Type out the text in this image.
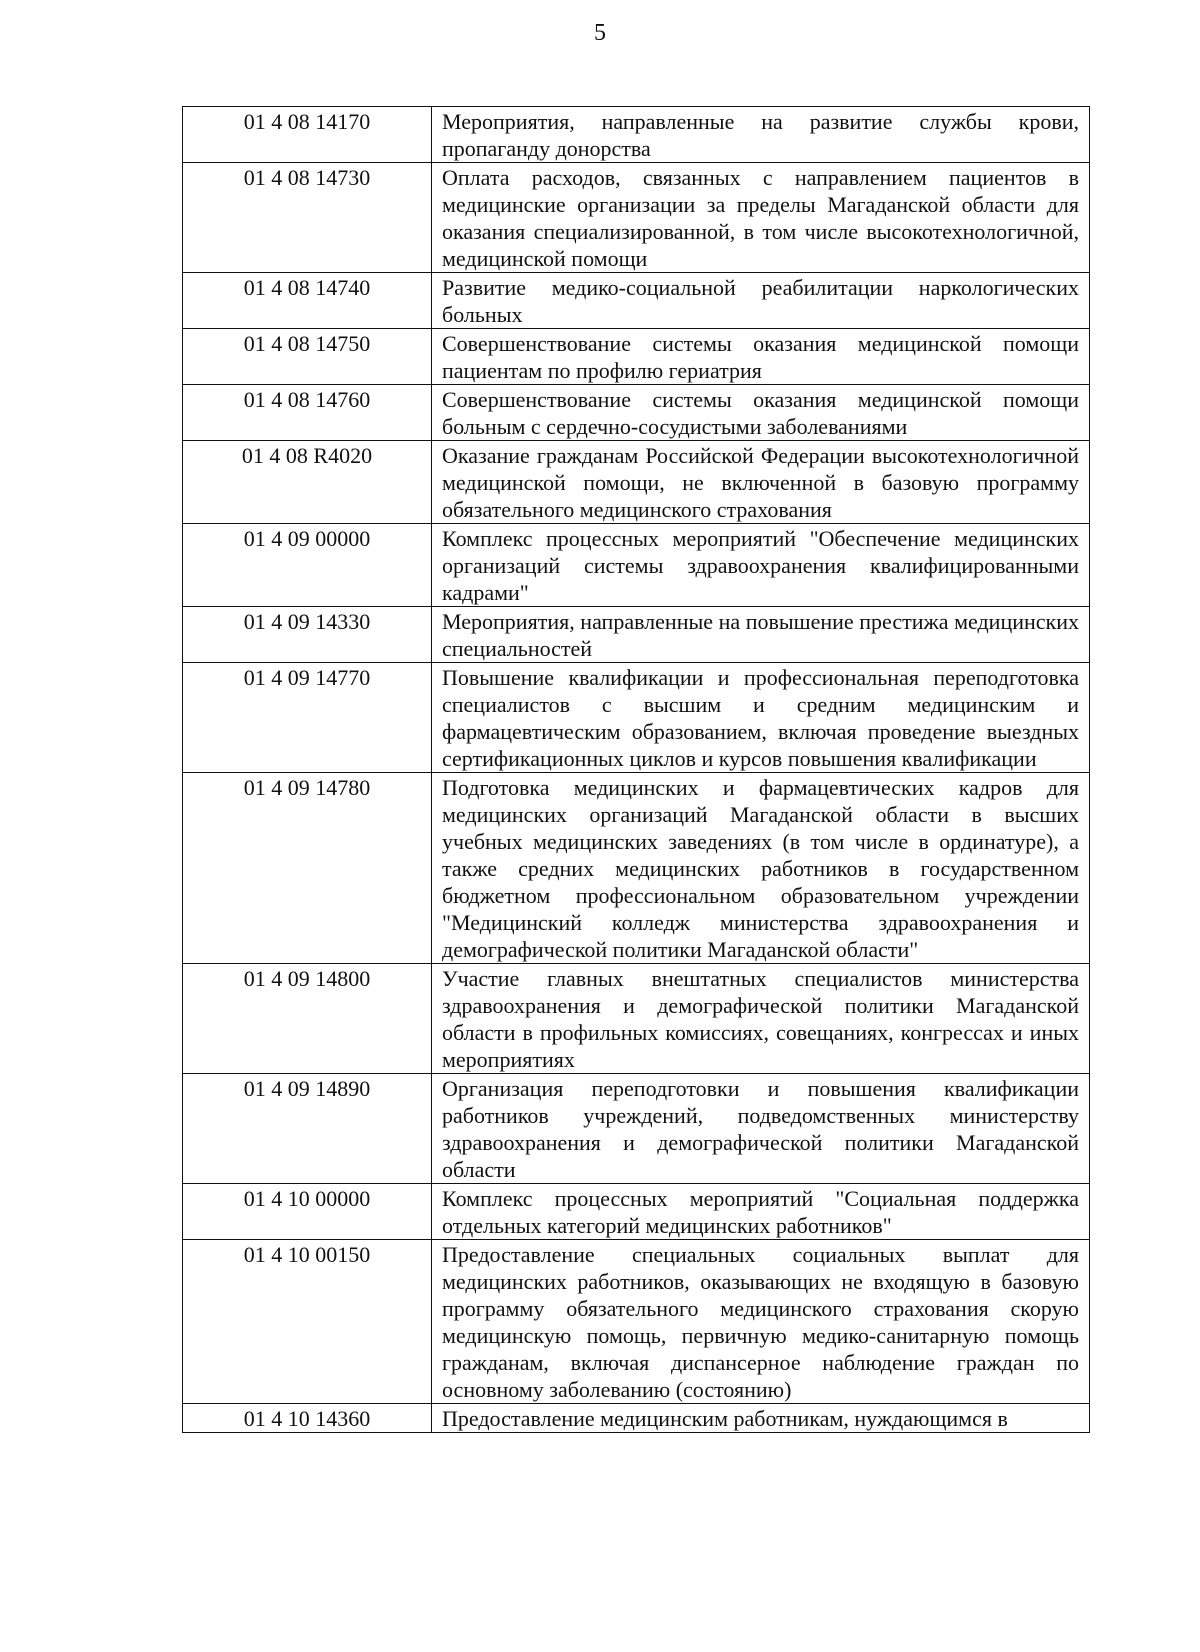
5
01 4 08 14170	Мероприятия, направленные на развитие службы крови, пропаганду донорства
01 4 08 14730	Оплата расходов, связанных с направлением пациентов в медицинские организации за пределы Магаданской области для оказания специализированной, в том числе высокотехнологичной, медицинской помощи
01 4 08 14740	Развитие медико-социальной реабилитации наркологических больных
01 4 08 14750	Совершенствование системы оказания медицинской помощи пациентам по профилю гериатрия
01 4 08 14760	Совершенствование системы оказания медицинской помощи больным с сердечно-сосудистыми заболеваниями
01 4 08 R4020	Оказание гражданам Российской Федерации высокотехнологичной медицинской помощи, не включенной в базовую программу обязательного медицинского страхования
01 4 09 00000	Комплекс процессных мероприятий "Обеспечение медицинских организаций системы здравоохранения квалифицированными кадрами"
01 4 09 14330	Мероприятия, направленные на повышение престижа медицинских специальностей
01 4 09 14770	Повышение квалификации и профессиональная переподготовка специалистов с высшим и средним медицинским и фармацевтическим образованием, включая проведение выездных сертификационных циклов и курсов повышения квалификации
01 4 09 14780	Подготовка медицинских и фармацевтических кадров для медицинских организаций Магаданской области в высших учебных медицинских заведениях (в том числе в ординатуре), а также средних медицинских работников в государственном бюджетном профессиональном образовательном учреждении "Медицинский колледж министерства здравоохранения и демографической политики Магаданской области"
01 4 09 14800	Участие главных внештатных специалистов министерства здравоохранения и демографической политики Магаданской области в профильных комиссиях, совещаниях, конгрессах и иных мероприятиях
01 4 09 14890	Организация переподготовки и повышения квалификации работников учреждений, подведомственных министерству здравоохранения и демографической политики Магаданской области
01 4 10 00000	Комплекс процессных мероприятий "Социальная поддержка отдельных категорий медицинских работников"
01 4 10 00150	Предоставление специальных социальных выплат для медицинских работников, оказывающих не входящую в базовую программу обязательного медицинского страхования скорую медицинскую помощь, первичную медико-санитарную помощь гражданам, включая диспансерное наблюдение граждан по основному заболеванию (состоянию)
01 4 10 14360	Предоставление медицинским работникам, нуждающимся в
